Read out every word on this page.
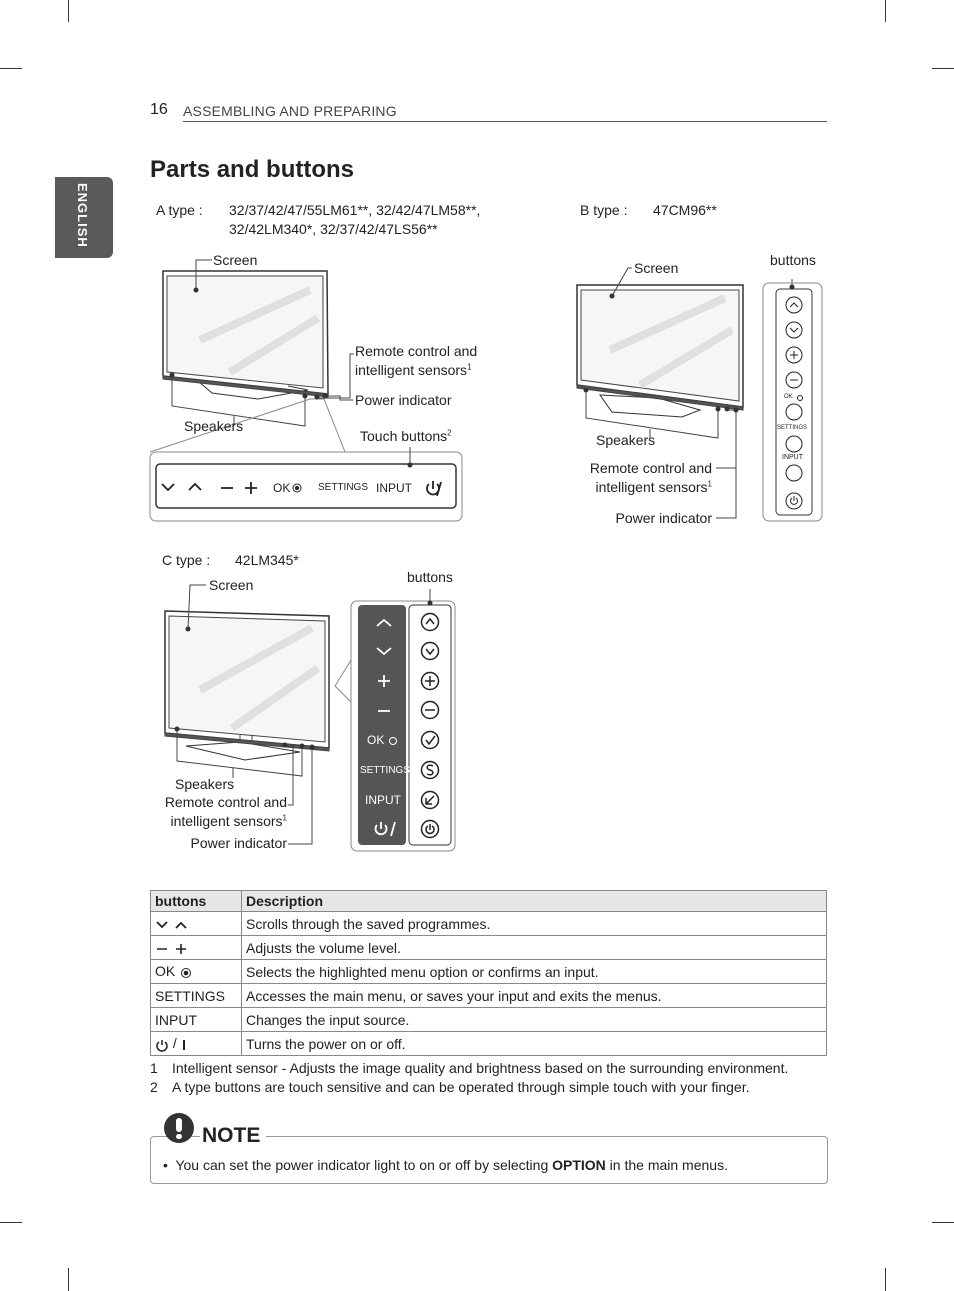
16 ASSEMBLING AND PREPARING
ENGLISH
Parts and buttons
A type : 32/37/42/47/55LM61**, 32/42/47LM58**,
32/42LM340*, 32/37/42/47LS56**
Screen
Remote control and
intelligent sensors$^1$
Power indicator
Speakers
Touch buttons$^2$
OK	SETTINGS INPUT
B type : 47CM96**
Screen	buttons
Speakers
Remote control and
intelligent sensors$^1$
Power indicator
OK
SETTINGS
INPUT
C type : 42LM345*
Screen	buttons
Speakers
Remote control and
intelligent sensors$^1$
Power indicator
OK
SETTINGS
INPUT
buttons	Description
	Scrolls through the saved programmes.
	Adjusts the volume level.
OK	Selects the highlighted menu option or confirms an input.
SETTINGS	Accesses the main menu, or saves your input and exits the menus.
INPUT	Changes the input source.
/	Turns the power on or off.
1 Intelligent sensor - Adjusts the image quality and brightness based on the surrounding environment.
2 A type buttons are touch sensitive and can be operated through simple touch with your finger.
NOTE
•  You can set the power indicator light to on or off by selecting OPTION in the main menus.
